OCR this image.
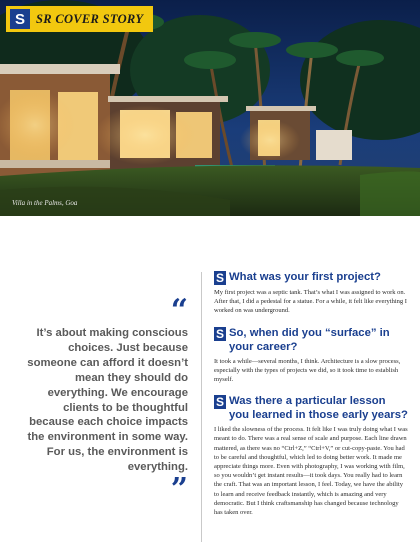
S SR COVER STORY
Villa in the Palms, Goa
“

It’s about making conscious choices. Just because someone can afford it doesn’t mean they should do everything. We encourage clients to be thoughtful because each choice impacts the environment in some way. For us, the environment is everything.

”
S What was your first project?

My first project was a septic tank. That’s what I was assigned to work on. After that, I did a pedestal for a statue. For a while, it felt like everything I worked on was underground.

S So, when did you “surface” in your career?

It took a while—several months, I think. Architecture is a slow process, especially with the types of projects we did, so it took time to establish myself.

S Was there a particular lesson you learned in those early years?

I liked the slowness of the process. It felt like I was truly doing what I was meant to do. There was a real sense of scale and purpose. Each line drawn mattered, as there was no “Ctrl+Z,” “Ctrl+V,” or cut-copy-paste. You had to be careful and thoughtful, which led to doing better work. It made me appreciate things more. Even with photography, I was working with film, so you wouldn’t get instant results—it took days. You really had to learn the craft. That was an important lesson, I feel. Today, we have the ability to learn and receive feedback instantly, which is amazing and very democratic. But I think craftsmanship has changed because technology has taken over.
